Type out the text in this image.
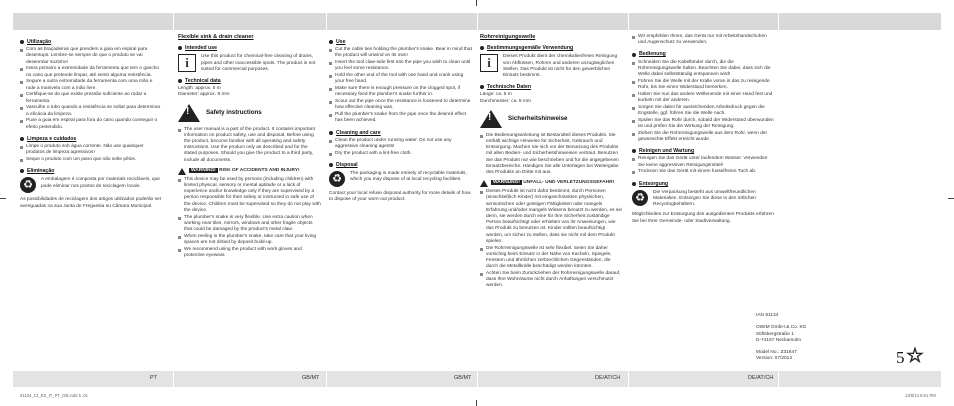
Utilização
Com as braçadeiras que prendem a guia em espiral para desentupir. Lembre-se sempre de que o produto se vai desenrolar sozinho!
Insira primeiro a extremidade da ferramenta que tem o gancho no cano que pretende limpar, até sentir alguma resistência.
Segure a outra extremidade da ferramenta com uma mão e rode a manivela com a mão livre.
Certifique-se de que existe pressão suficiente ao rodar a ferramenta.
Vasculhe o tubo quando a resistência se soltar para determinar a eficácia da limpeza.
Puxe a guia em espiral para fora do cano quando conseguir o efeito pretendido.
Limpeza e cuidados
Limpe o produto sob água corrente. Não use quaisquer produtos de limpeza agressivos!
Seque o produto com um pano que não solte pêlos.
Eliminação
♻	A embalagem é composta por materiais recicláveis, que pode eliminar nos pontos de reciclagem locais.
As possibilidades de reciclagem dos artigos utilizados poderão ser averiguadas na sua Junta de Freguesia ou Câmara Municipal.
Flexible sink & drain cleaner
Intended use
i	Use this product for chemical-free cleaning of drains, pipes and other inaccessible spots. The product is not suited for commercial purposes.
Technical data
Length: approx. 5 m
Diameter: approx. 9 mm
!	Safety instructions
The user manual is a part of the product. It contains important information on product safety, use and disposal. Before using the product, become familiar with all operating and safety instructions. Use the product only as described and for the stated purposes. Should you give the product to a third party, include all documents.
WARNING! RISK OF ACCIDENTS AND INJURY!
This device may be used by persons (including children) with limited physical, sensory or mental aptitude or a lack of experience and/or knowledge only if they are supervised by a person responsible for their safety or instructed in safe use of the device. Children must be supervised so they do not play with the device.
The plumber's snake is very flexible. Use extra caution when working near tiles, mirrors, windows and other fragile objects that could be damaged by the product's metal claw.
When reeling in the plumber's snake, take care that your living spaces are not dirtied by deposit build-up.
We recommend using the product with work gloves and protective eyewear.
Use
Cut the cable ties holding the plumber's snake. Bear in mind that the product will unwind on its own!
Insert the tool claw-side first into the pipe you wish to clean until you feel some resistance.
Hold the other end of the tool with one hand and crank using your free hand.
Make sure there is enough pressure on the clogged spot, if necessary feed the plumber's snake further in.
Scour out the pipe once the resistance is loosened to determine how effective cleaning was.
Pull the plumber's snake from the pipe once the desired effect has been achieved.
Cleaning and care
Clean the product under running water. Do not use any aggressive cleaning agents!
Dry the product with a lint-free cloth.
Disposal
♻	The packaging is made entirely of recyclable materials, which you may dispose of at local recycling facilities.
Contact your local refuse disposal authority for more details of how to dispose of your worn-out product.
Rohrreinigungswelle
Bestimmungsgemäße Verwendung
i	Dieses Produkt dient der chemikalienfreien Reinigung von Abflüssen, Rohren und anderen unzugänglichen Stellen. Das Produkt ist nicht für den gewerblichen Einsatz bestimmt.
Technische Daten
Länge: ca. 5 m
Durchmesser: ca. 9 mm
!	Sicherheitshinweise
Die Bedienungsanleitung ist Bestandteil dieses Produkts. Sie enthält wichtige Hinweise für Sicherheit, Gebrauch und Entsorgung. Machen Sie sich vor der Benutzung des Produkts mit allen Bedien- und Sicherheitshinweisen vertraut. Benutzen Sie das Produkt nur wie beschrieben und für die angegebenen Einsatzbereiche. Händigen Sie alle Unterlagen bei Weitergabe des Produkts an Dritte mit aus.
WARNUNG! UNFALL- UND VERLETZUNGSGEFAHR!
Dieses Produkt ist nicht dafür bestimmt, durch Personen (einschließlich Kinder) mit eingeschränkten physischen, sensorischen oder geistigen Fähigkeiten oder mangels Erfahrung und/oder mangels Wissens benutzt zu werden, es sei denn, sie werden durch eine für ihre Sicherheit zuständige Person beaufsichtigt oder erhielten von ihr Anweisungen, wie das Produkt zu benutzen ist. Kinder sollten beaufsichtigt werden, um sicher zu stellen, dass sie nicht mit dem Produkt spielen.
Die Rohrreinigungswelle ist sehr flexibel. Seien Sie daher vorsichtig beim Einsatz in der Nähe von Kacheln, Spiegeln, Fenstern und ähnlichen zerbrechlichen Gegenständen, die durch die Metallkralle beschädigt werden könnten.
Achten Sie beim Zurückziehen der Rohrreinigungswelle darauf, dass Ihre Wohnräume nicht durch Anhaftungen verschmutzt werden.
Wir empfehlen Ihnen, das Gerät nur mit Arbeitshandschuhen und Augenschutz zu verwenden.
Bedienung
Schneiden Sie die Kabelbinder durch, die die Rohrreinigungswelle halten. Beachten Sie dabei, dass sich die Welle dabei selbstständig entspannen wird!
Führen Sie die Welle mit der Kralle voran in das zu reinigende Rohr, bis Sie einen Widerstand bemerken.
Halten Sie nun das andere Wellenende mit einer Hand fest und kurbeln mit der anderen.
Sorgen Sie dabei für ausreichenden Arbeitsdruck gegen die Engstelle, ggf. führen Sie die Welle nach.
Spülen Sie das Rohr durch, sobald der Widerstand überwunden ist und prüfen Sie die Wirkung der Reinigung.
Ziehen Sie die Rohrreinigungswelle aus dem Rohr, wenn der gewünschte Effekt erreicht wurde.
Reinigen und Wartung
Reinigen Sie das Gerät unter laufendem Wasser. Verwenden Sie keine aggressiven Reinigungsmittel!
Trocknen Sie das Gerät mit einem fusselfreien Tuch ab.
Entsorgung
♻	Die Verpackung besteht aus umweltfreundlichen Materialien. Entsorgen Sie diese in den örtlichen Recyclingbehältern.
Möglichkeiten zur Entsorgung des ausgedienten Produkts erfahren Sie bei Ihrer Gemeinde- oder Stadtverwaltung.
IAN 91134
OWIM GmbH & Co. KG
Stiftsbergstraße 1
D-74167 Neckarsulm
Model No.: Z31647
Version: 07/2013	5 ☆
PT	GB/MT	GB/MT	DE/AT/CH	DE/AT/CH
91134_13_ES_IT_PT_GB.indd 5 .01	13/6/13 6:51 PM
